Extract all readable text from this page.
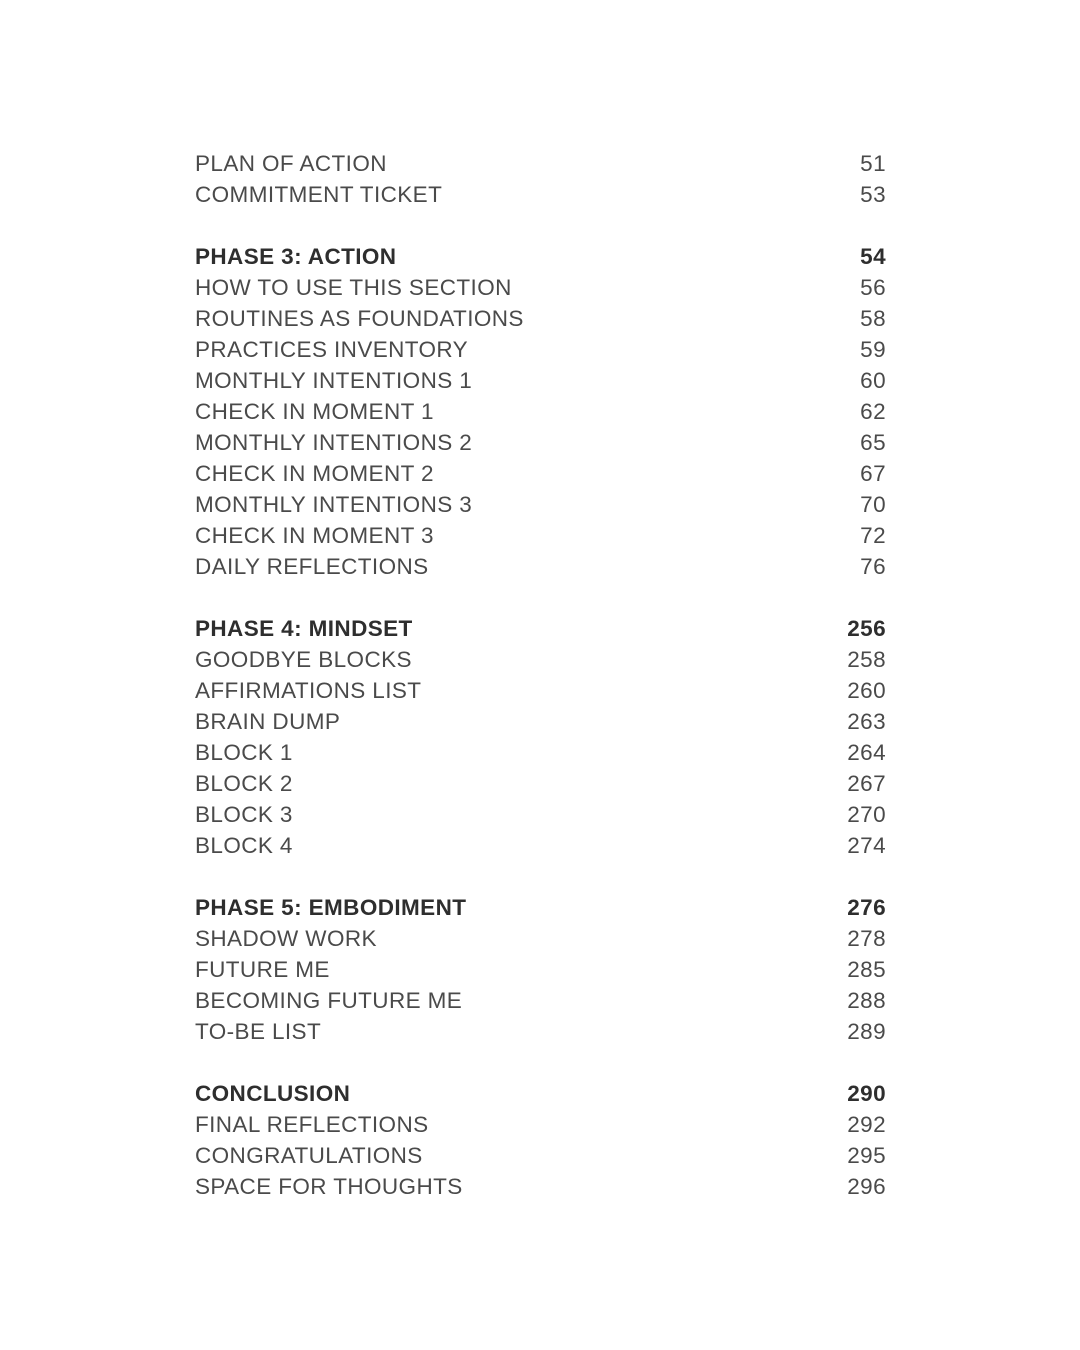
PLAN OF ACTION	51
COMMITMENT TICKET	53
PHASE 3: ACTION	54
HOW TO USE THIS SECTION	56
ROUTINES AS FOUNDATIONS	58
PRACTICES INVENTORY	59
MONTHLY INTENTIONS 1	60
CHECK IN MOMENT 1	62
MONTHLY INTENTIONS 2	65
CHECK IN MOMENT 2	67
MONTHLY INTENTIONS 3	70
CHECK IN MOMENT 3	72
DAILY REFLECTIONS	76
PHASE 4: MINDSET	256
GOODBYE BLOCKS	258
AFFIRMATIONS LIST	260
BRAIN DUMP	263
BLOCK 1	264
BLOCK 2	267
BLOCK 3	270
BLOCK 4	274
PHASE 5: EMBODIMENT	276
SHADOW WORK	278
FUTURE ME	285
BECOMING FUTURE ME	288
TO-BE LIST	289
CONCLUSION	290
FINAL REFLECTIONS	292
CONGRATULATIONS	295
SPACE FOR THOUGHTS	296
